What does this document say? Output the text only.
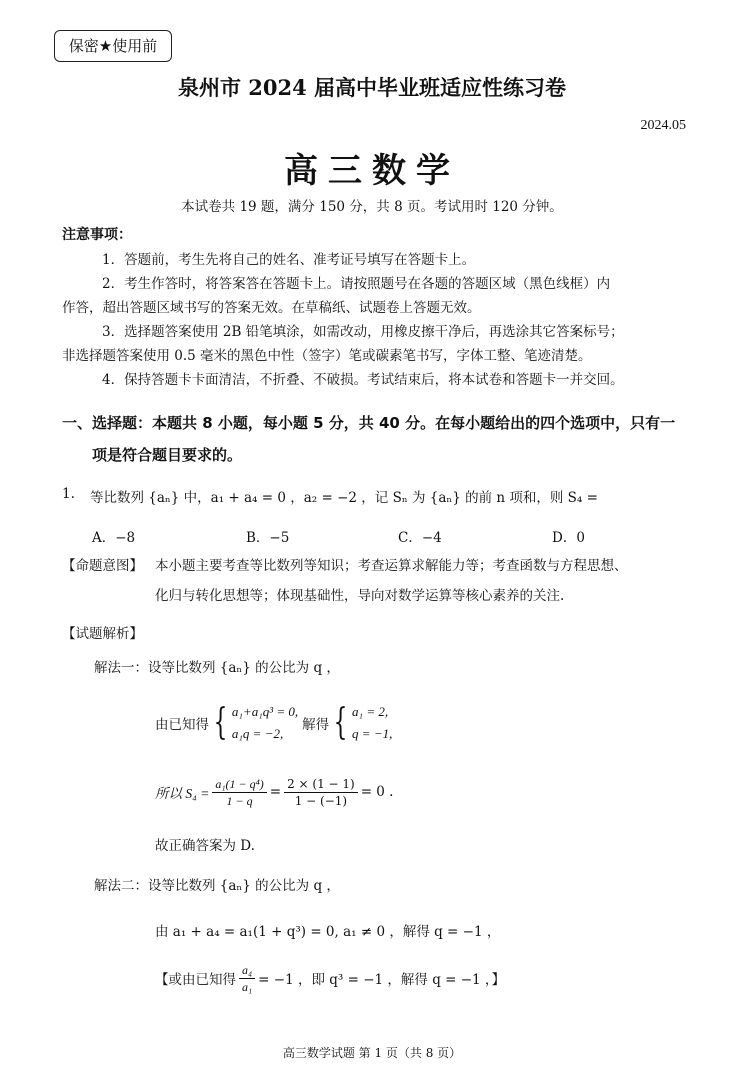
保密★使用前
泉州市 2024 届高中毕业班适应性练习卷
2024.05
高三数学
本试卷共 19 题，满分 150 分，共 8 页。考试用时 120 分钟。
注意事项：
1．答题前，考生先将自己的姓名、准考证号填写在答题卡上。
2．考生作答时，将答案答在答题卡上。请按照题号在各题的答题区域（黑色线框）内
作答，超出答题区域书写的答案无效。在草稿纸、试题卷上答题无效。
3．选择题答案使用 2B 铅笔填涂，如需改动，用橡皮擦干净后，再选涂其它答案标号；
非选择题答案使用 0.5 毫米的黑色中性（签字）笔或碳素笔书写，字体工整、笔迹清楚。
4．保持答题卡卡面清洁，不折叠、不破损。考试结束后，将本试卷和答题卡一并交回。
一、选择题：本题共 8 小题，每小题 5 分，共 40 分。在每小题给出的四个选项中，只有一
项是符合题目要求的。
1. 等比数列 {aₙ} 中，a₁ + a₄ = 0 ，a₂ = −2 ，记 Sₙ 为 {aₙ} 的前 n 项和，则 S₄ =
A．−8	B．−5	C．−4	D．0
【命题意图】 本小题主要考查等比数列等知识；考查运算求解能力等；考查函数与方程思想、
化归与转化思想等；体现基础性，导向对数学运算等核心素养的关注.
【试题解析】
解法一：设等比数列 {aₙ} 的公比为 q ，
由已知得 { a₁+a₁q³ = 0,
a₁q = −2,
解得 { a₁ = 2,
q = −1,
所以 $S_4 = \frac{\text{a₁(1 − q⁴)}}{1 - q} = \frac{2 \times (1 - 1)}{1 - (-1)} = 0$ .
故正确答案为 D.
解法二：设等比数列 {aₙ} 的公比为 q ，
由 a₁ + a₄ = a₁(1 + q³) = 0, a₁ ≠ 0 ，解得 q = −1 ，
【或由已知得 $\frac{\text{a₄}}{\text{a₁}} = -1$ ，即 q³ = −1 ，解得 q = −1 ，】
高三数学试题 第 1 页（共 8 页）
